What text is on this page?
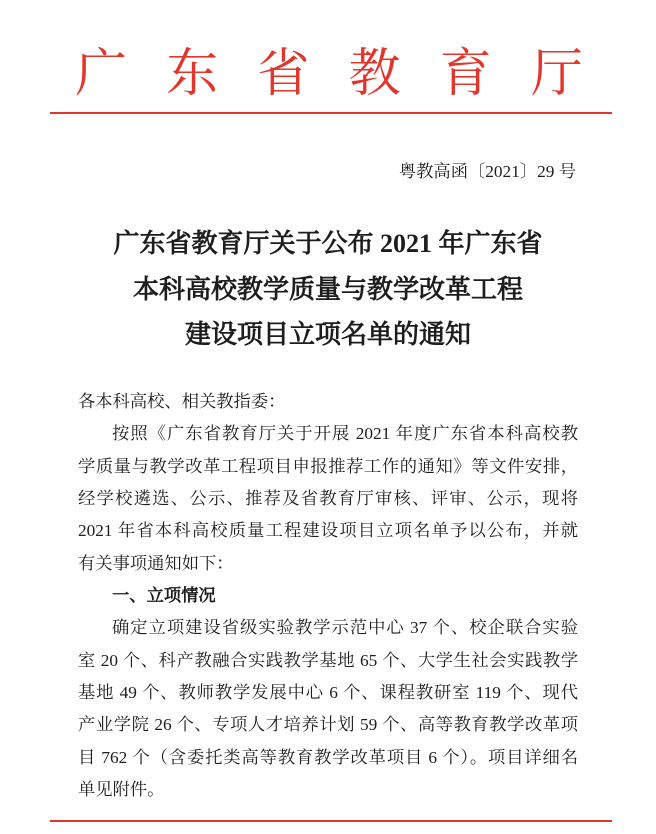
广东省教育厅
粤教高函〔2021〕29 号
广东省教育厅关于公布 2021 年广东省
本科高校教学质量与教学改革工程
建设项目立项名单的通知
各本科高校、相关教指委：
按照《广东省教育厅关于开展 2021 年度广东省本科高校教
学质量与教学改革工程项目申报推荐工作的通知》等文件安排，
经学校遴选、公示、推荐及省教育厅审核、评审、公示，现将
2021 年省本科高校质量工程建设项目立项名单予以公布，并就
有关事项通知如下：
一、立项情况
确定立项建设省级实验教学示范中心 37 个、校企联合实验
室 20 个、科产教融合实践教学基地 65 个、大学生社会实践教学
基地 49 个、教师教学发展中心 6 个、课程教研室 119 个、现代
产业学院 26 个、专项人才培养计划 59 个、高等教育教学改革项
目 762 个（含委托类高等教育教学改革项目 6 个）。项目详细名
单见附件。
